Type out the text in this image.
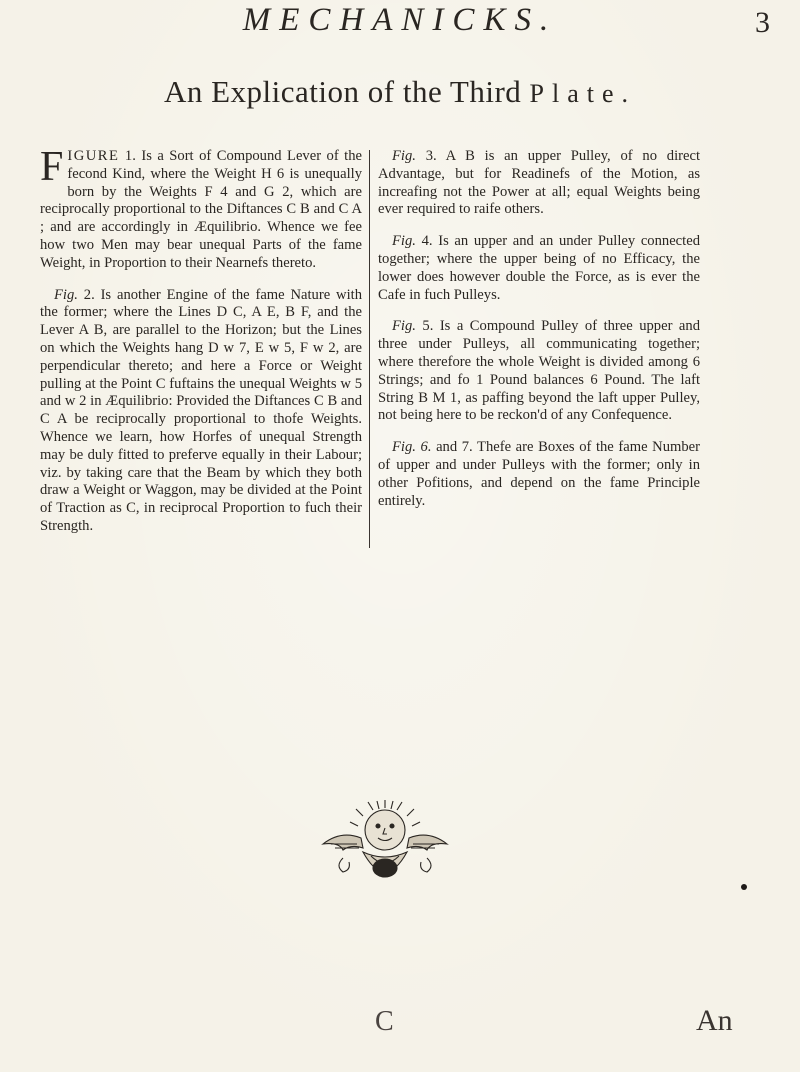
MECHANICKS.	3
An Explication of the Third Plate.

FIGURE 1. Is a Sort of Compound Lever of the fecond Kind, where the Weight H 6 is unequally born by the Weights F 4 and G 2, which are reciprocally proportional to the Diftances C B and C A ; and are accordingly in Æquilibrio. Whence we fee how two Men may bear unequal Parts of the fame Weight, in Proportion to their Nearnefs thereto.

Fig. 2. Is another Engine of the fame Nature with the former; where the Lines D C, A E, B F, and the Lever A B, are parallel to the Horizon; but the Lines on which the Weights hang D w 7, E w 5, F w 2, are perpendicular thereto; and here a Force or Weight pulling at the Point C fuftains the unequal Weights w 5 and w 2 in Æquilibrio: Provided the Diftances C B and C A be reciprocally proportional to thofe Weights. Whence we learn, how Horfes of unequal Strength may be duly fitted to preferve equally in their Labour; viz. by taking care that the Beam by which they both draw a Weight or Waggon, may be divided at the Point of Traction as C, in reciprocal Proportion to fuch their Strength.

Fig. 3. A B is an upper Pulley, of no direct Advantage, but for Readinefs of the Motion, as increafing not the Power at all; equal Weights being ever required to raife others.

Fig. 4. Is an upper and an under Pulley connected together; where the upper being of no Efficacy, the lower does however double the Force, as is ever the Cafe in fuch Pulleys.

Fig. 5. Is a Compound Pulley of three upper and three under Pulleys, all communicating together; where therefore the whole Weight is divided among 6 Strings; and fo 1 Pound balances 6 Pound. The laft String B M 1, as paffing beyond the laft upper Pulley, not being here to be reckon'd of any Confequence.

Fig. 6. and 7. Thefe are Boxes of the fame Number of upper and under Pulleys with the former; only in other Pofitions, and depend on the fame Principle entirely.

C	An
